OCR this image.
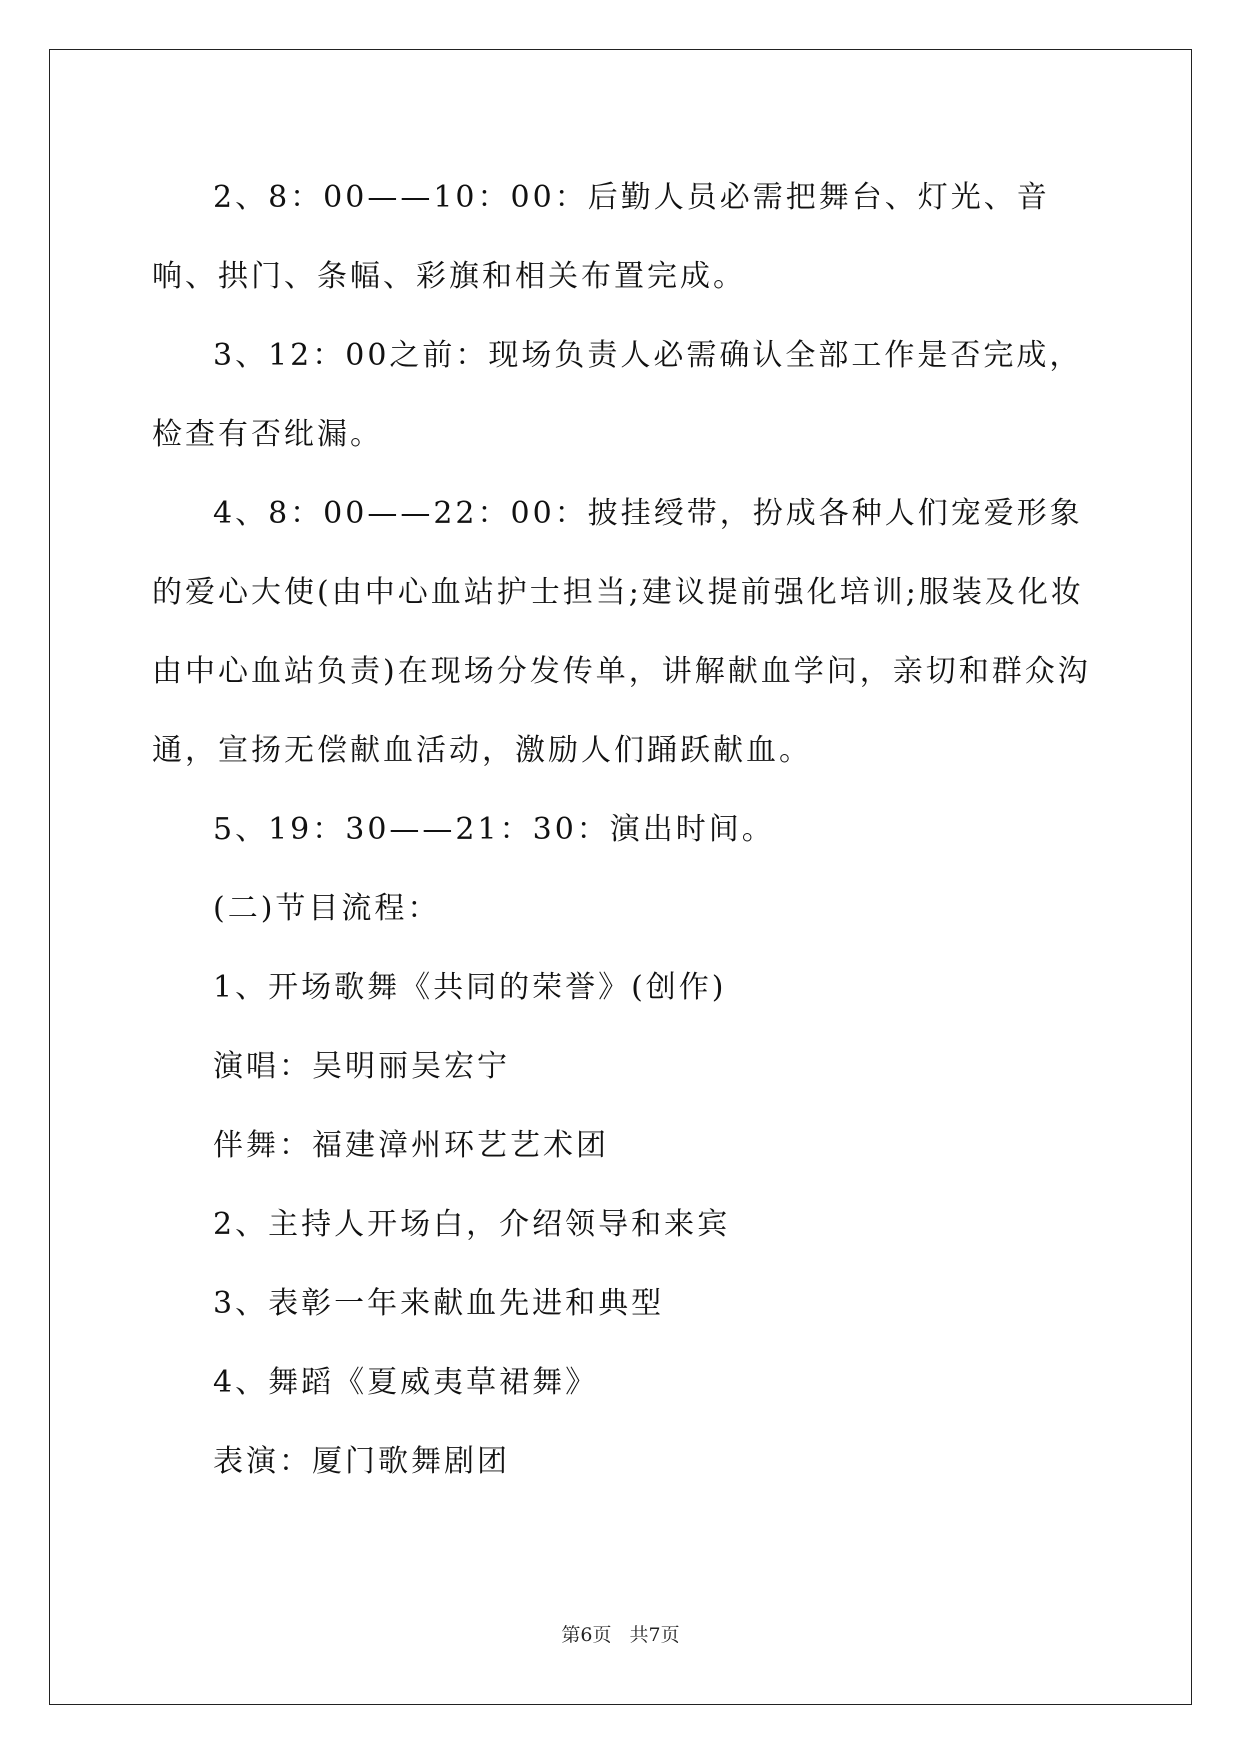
2、8：00——10：00：后勤人员必需把舞台、灯光、音响、拱门、条幅、彩旗和相关布置完成。

3、12：00之前：现场负责人必需确认全部工作是否完成，检查有否纰漏。

4、8：00——22：00：披挂绶带，扮成各种人们宠爱形象的爱心大使(由中心血站护士担当;建议提前强化培训;服装及化妆由中心血站负责)在现场分发传单，讲解献血学问，亲切和群众沟通，宣扬无偿献血活动，激励人们踊跃献血。

5、19：30——21：30：演出时间。

(二)节目流程：

1、开场歌舞《共同的荣誉》(创作)

演唱：吴明丽吴宏宁

伴舞：福建漳州环艺艺术团

2、主持人开场白，介绍领导和来宾

3、表彰一年来献血先进和典型

4、舞蹈《夏威夷草裙舞》

表演：厦门歌舞剧团

第6页 共7页
